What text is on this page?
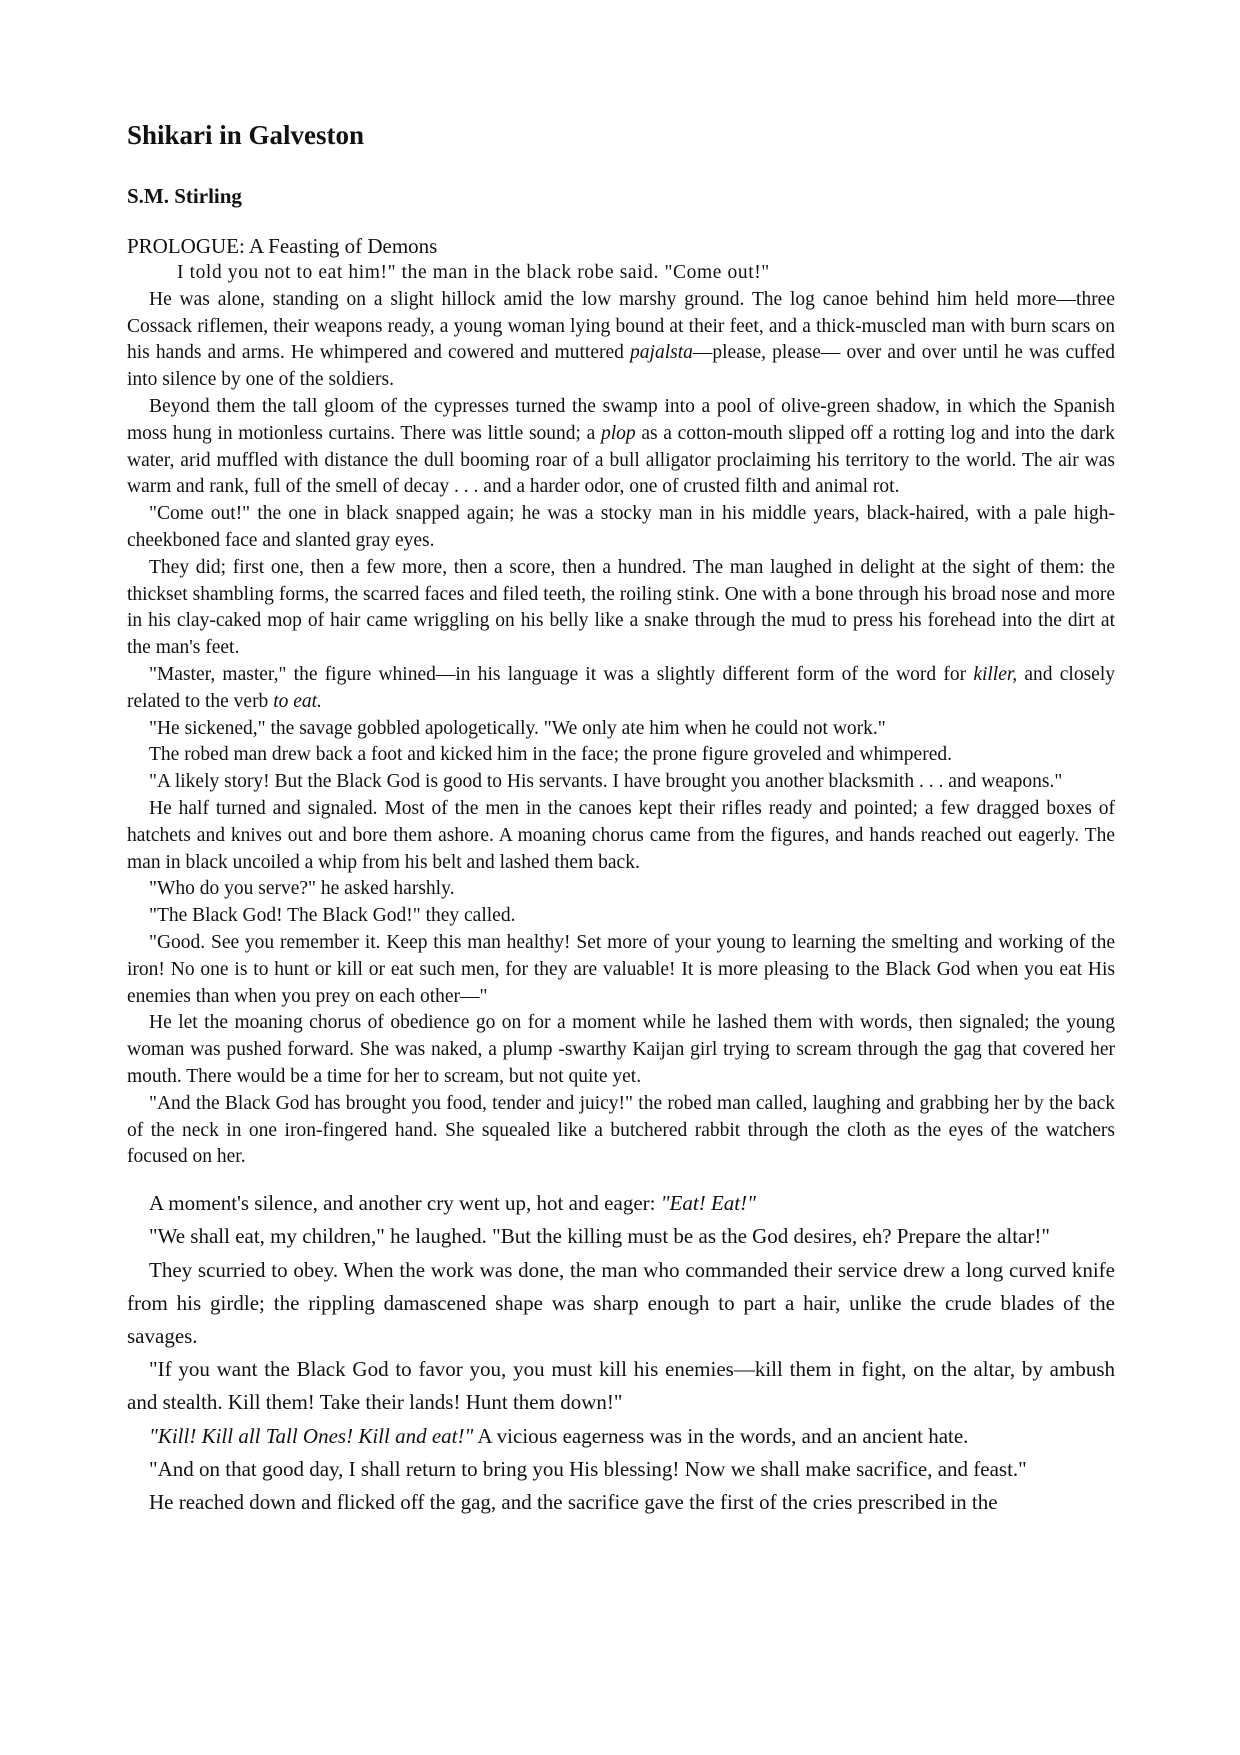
Shikari in Galveston
S.M. Stirling
PROLOGUE: A Feasting of Demons

I told you not to eat him!" the man in the black robe said. "Come out!"

He was alone, standing on a slight hillock amid the low marshy ground. The log canoe behind him held more—three Cossack riflemen, their weapons ready, a young woman lying bound at their feet, and a thick-muscled man with burn scars on his hands and arms. He whimpered and cowered and muttered pajalsta—please, please— over and over until he was cuffed into silence by one of the soldiers.

Beyond them the tall gloom of the cypresses turned the swamp into a pool of olive-green shadow, in which the Spanish moss hung in motionless curtains. There was little sound; a plop as a cotton-mouth slipped off a rotting log and into the dark water, arid muffled with distance the dull booming roar of a bull alligator proclaiming his territory to the world. The air was warm and rank, full of the smell of decay . . . and a harder odor, one of crusted filth and animal rot.

"Come out!" the one in black snapped again; he was a stocky man in his middle years, black-haired, with a pale high-cheekboned face and slanted gray eyes.

They did; first one, then a few more, then a score, then a hundred. The man laughed in delight at the sight of them: the thickset shambling forms, the scarred faces and filed teeth, the roiling stink. One with a bone through his broad nose and more in his clay-caked mop of hair came wriggling on his belly like a snake through the mud to press his forehead into the dirt at the man's feet.

"Master, master," the figure whined—in his language it was a slightly different form of the word for killer, and closely related to the verb to eat.

"He sickened," the savage gobbled apologetically. "We only ate him when he could not work."

The robed man drew back a foot and kicked him in the face; the prone figure groveled and whimpered.

"A likely story! But the Black God is good to His servants. I have brought you another blacksmith . . . and weapons."

He half turned and signaled. Most of the men in the canoes kept their rifles ready and pointed; a few dragged boxes of hatchets and knives out and bore them ashore. A moaning chorus came from the figures, and hands reached out eagerly. The man in black uncoiled a whip from his belt and lashed them back.

"Who do you serve?" he asked harshly.

"The Black God! The Black God!" they called.

"Good. See you remember it. Keep this man healthy! Set more of your young to learning the smelting and working of the iron! No one is to hunt or kill or eat such men, for they are valuable! It is more pleasing to the Black God when you eat His enemies than when you prey on each other—"

He let the moaning chorus of obedience go on for a moment while he lashed them with words, then signaled; the young woman was pushed forward. She was naked, a plump -swarthy Kaijan girl trying to scream through the gag that covered her mouth. There would be a time for her to scream, but not quite yet.

"And the Black God has brought you food, tender and juicy!" the robed man called, laughing and grabbing her by the back of the neck in one iron-fingered hand. She squealed like a butchered rabbit through the cloth as the eyes of the watchers focused on her.

A moment's silence, and another cry went up, hot and eager: "Eat! Eat!"

"We shall eat, my children," he laughed. "But the killing must be as the God desires, eh? Prepare the altar!"

They scurried to obey. When the work was done, the man who commanded their service drew a long curved knife from his girdle; the rippling damascened shape was sharp enough to part a hair, unlike the crude blades of the savages.

"If you want the Black God to favor you, you must kill his enemies—kill them in fight, on the altar, by ambush and stealth. Kill them! Take their lands! Hunt them down!"

"Kill! Kill all Tall Ones! Kill and eat!" A vicious eagerness was in the words, and an ancient hate.

"And on that good day, I shall return to bring you His blessing! Now we shall make sacrifice, and feast."

He reached down and flicked off the gag, and the sacrifice gave the first of the cries prescribed in the
